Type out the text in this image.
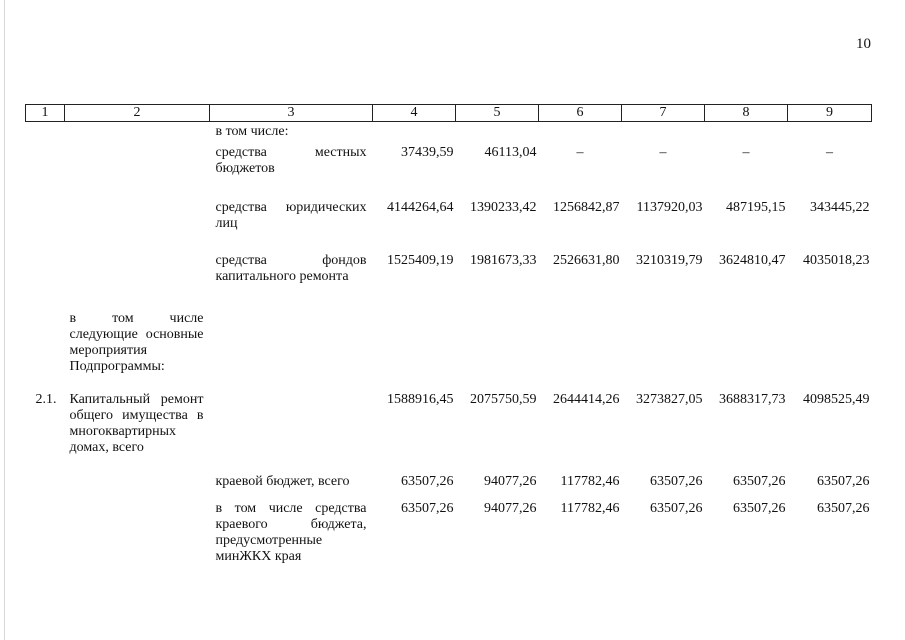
10
1	2	3	4	5	6	7	8	9
		в том числе:						
		средства местных бюджетов	37439,59	46113,04	–	–	–	–
		средства юридических лиц	4144264,64	1390233,42	1256842,87	1137920,03	487195,15	343445,22
		средства фондов капитального ремонта	1525409,19	1981673,33	2526631,80	3210319,79	3624810,47	4035018,23
	в том числе следующие основные мероприятия Подпрограммы:							
2.1.	Капитальный ремонт общего имущества в многоквартирных домах, всего		1588916,45	2075750,59	2644414,26	3273827,05	3688317,73	4098525,49
		краевой бюджет, всего	63507,26	94077,26	117782,46	63507,26	63507,26	63507,26
		в том числе средства краевого бюджета, предусмотренные минЖКХ края	63507,26	94077,26	117782,46	63507,26	63507,26	63507,26
